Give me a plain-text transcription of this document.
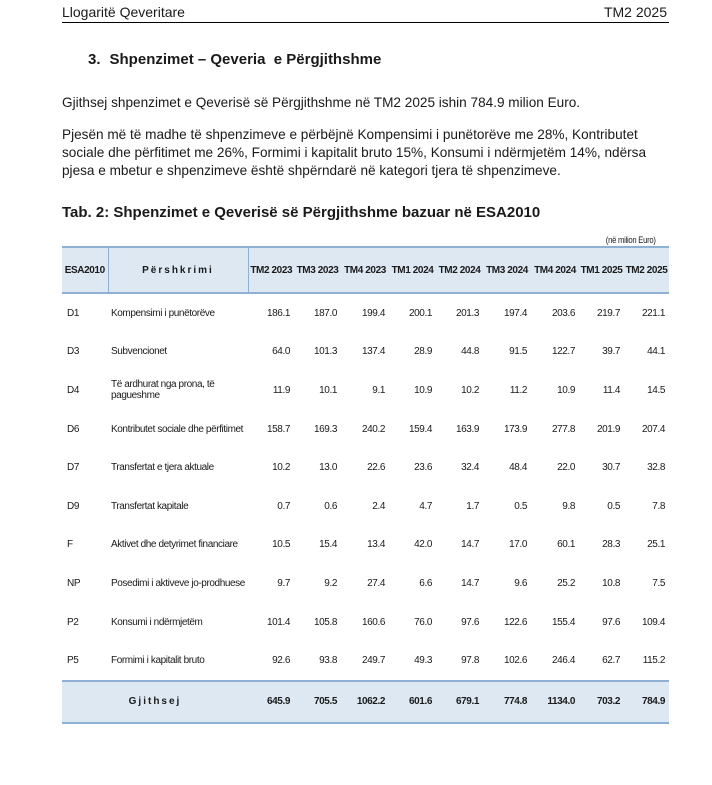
Llogaritë Qeveritare	TM2 2025
3. Shpenzimet – Qeveria  e Përgjithshme

Gjithsej shpenzimet e Qeverisë së Përgjithshme në TM2 2025 ishin 784.9 milion Euro.

Pjesën më të madhe të shpenzimeve e përbëjnë Kompensimi i punëtorëve me 28%, Kontributet sociale dhe përfitimet me 26%, Formimi i kapitalit bruto 15%, Konsumi i ndërmjetëm 14%, ndërsa pjesa e mbetur e shpenzimeve është shpërndarë në kategori tjera të shpenzimeve.

Tab. 2: Shpenzimet e Qeverisë së Përgjithshme bazuar në ESA2010
(në milion Euro)
ESA2010	Përshkrimi	TM2 2023	TM3 2023	TM4 2023	TM1 2024	TM2 2024	TM3 2024	TM4 2024	TM1 2025	TM2 2025
D1	Kompensimi i punëtorëve	186.1	187.0	199.4	200.1	201.3	197.4	203.6	219.7	221.1
D3	Subvencionet	64.0	101.3	137.4	28.9	44.8	91.5	122.7	39.7	44.1
D4	Të ardhurat nga prona, të pagueshme	11.9	10.1	9.1	10.9	10.2	11.2	10.9	11.4	14.5
D6	Kontributet sociale dhe përfitimet	158.7	169.3	240.2	159.4	163.9	173.9	277.8	201.9	207.4
D7	Transfertat e tjera aktuale	10.2	13.0	22.6	23.6	32.4	48.4	22.0	30.7	32.8
D9	Transfertat kapitale	0.7	0.6	2.4	4.7	1.7	0.5	9.8	0.5	7.8
F	Aktivet dhe detyrimet financiare	10.5	15.4	13.4	42.0	14.7	17.0	60.1	28.3	25.1
NP	Posedimi i aktiveve jo-prodhuese	9.7	9.2	27.4	6.6	14.7	9.6	25.2	10.8	7.5
P2	Konsumi i ndërmjetëm	101.4	105.8	160.6	76.0	97.6	122.6	155.4	97.6	109.4
P5	Formimi i kapitalit bruto	92.6	93.8	249.7	49.3	97.8	102.6	246.4	62.7	115.2
Gjithsej		645.9	705.5	1062.2	601.6	679.1	774.8	1134.0	703.2	784.9
